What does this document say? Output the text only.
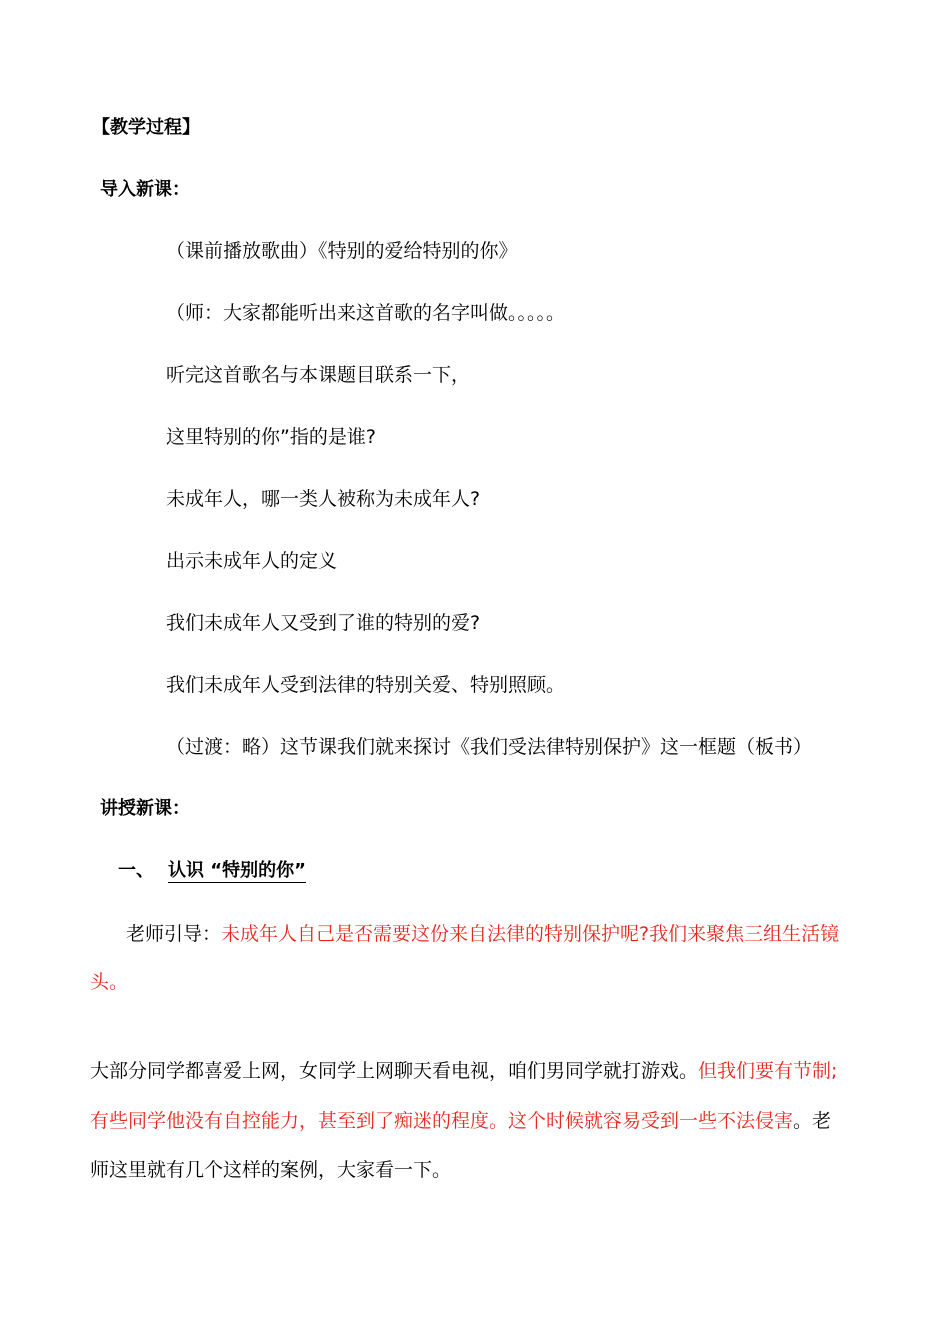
【教学过程】
导入新课：
（课前播放歌曲）《特别的爱给特别的你》
（师：大家都能听出来这首歌的名字叫做。。。。。
听完这首歌名与本课题目联系一下，
这里特别的你”指的是谁?
未成年人，哪一类人被称为未成年人?
出示未成年人的定义
我们未成年人又受到了谁的特别的爱?
我们未成年人受到法律的特别关爱、特别照顾。
（过渡：略）这节课我们就来探讨《我们受法律特别保护》这一框题（板书）
讲授新课：
一、 认识 “特别的你”
老师引导：未成年人自己是否需要这份来自法律的特别保护呢?我们来聚焦三组生活镜
头。
大部分同学都喜爱上网，女同学上网聊天看电视，咱们男同学就打游戏。但我们要有节制;
有些同学他没有自控能力，甚至到了痴迷的程度。这个时候就容易受到一些不法侵害。老
师这里就有几个这样的案例，大家看一下。
